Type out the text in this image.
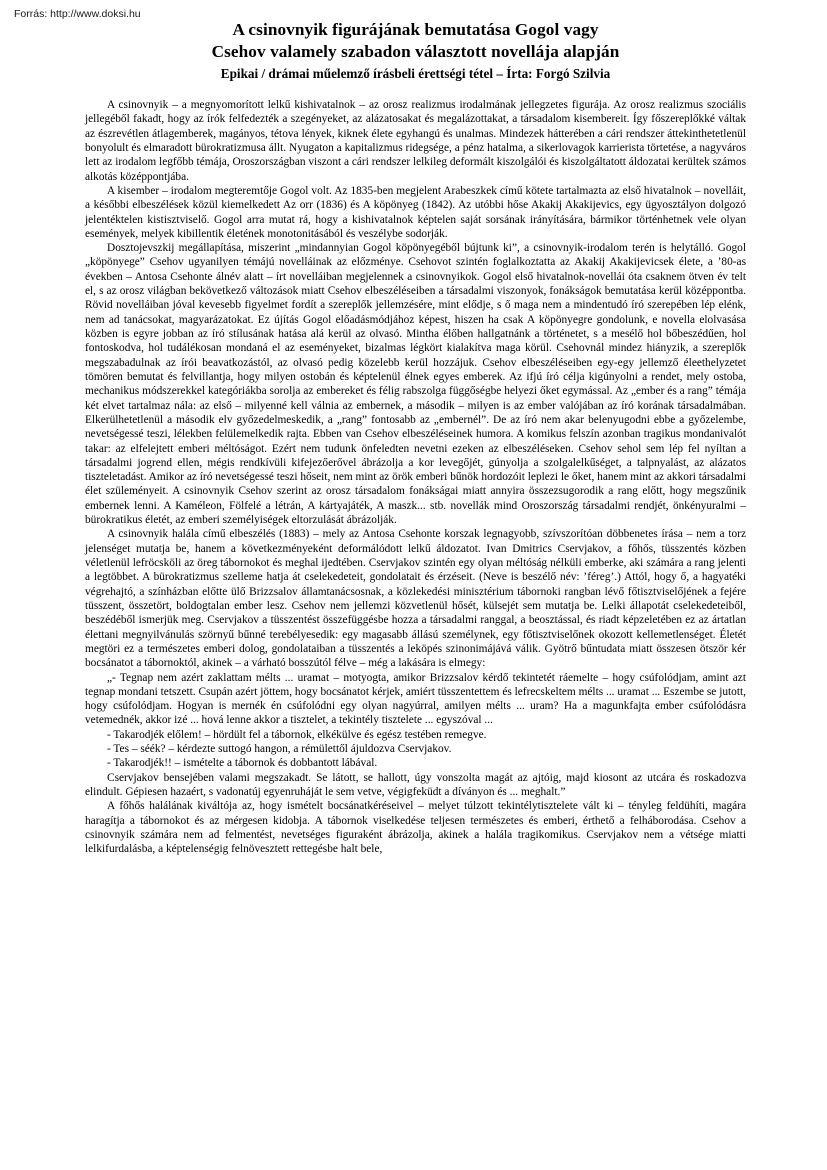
Forrás: http://www.doksi.hu
A csinovnyik figurájának bemutatása Gogol vagy
Csehov valamely szabadon választott novellája alapján
Epikai / drámai műelemző írásbeli érettségi tétel – Írta: Forgó Szilvia

A csinovnyik – a megnyomorított lelkű kishivatalnok – az orosz realizmus irodalmának jellegzetes figurája. Az orosz realizmus szociális jellegéből fakadt, hogy az írók felfedezték a szegényeket, az alázatosakat és megalázottakat, a társadalom kisembereit. Így főszereplőkké váltak az észrevétlen átlagemberek, magányos, tétova lények, kiknek élete egyhangú és unalmas. Mindezek hátterében a cári rendszer áttekinthetetlenül bonyolult és elmaradott bürokratizmusa állt. Nyugaton a kapitalizmus ridegsége, a pénz hatalma, a sikerlovagok karrierista törtetése, a nagyváros lett az irodalom legfőbb témája, Oroszországban viszont a cári rendszer lelkileg deformált kiszolgálói és kiszolgáltatott áldozatai kerültek számos alkotás középpontjába.

A kisember – irodalom megteremtője Gogol volt. Az 1835-ben megjelent Arabeszkek című kötete tartalmazta az első hivatalnok – novelláit, a későbbi elbeszélések közül kiemelkedett Az orr (1836) és A köpönyeg (1842). Az utóbbi hőse Akakij Akakijevics, egy ügyosztályon dolgozó jelentéktelen kistisztviselő. Gogol arra mutat rá, hogy a kishivatalnok képtelen saját sorsának irányítására, bármikor történhetnek vele olyan események, melyek kibillentik életének monotonitásából és veszélybe sodorják.

Dosztojevszkij megállapítása, miszerint „mindannyian Gogol köpönyegéből bújtunk ki”, a csinovnyik-irodalom terén is helytálló. Gogol „köpönyege” Csehov ugyanilyen témájú novelláinak az előzménye. Csehovot szintén foglalkoztatta az Akakij Akakijevicsek élete, a ’80-as években – Antosa Csehonte álnév alatt – írt novelláiban megjelennek a csinovnyikok. Gogol első hivatalnok-novellái óta csaknem ötven év telt el, s az orosz világban bekövetkező változások miatt Csehov elbeszéléseiben a társadalmi viszonyok, fonákságok bemutatása kerül középpontba. Rövid novelláiban jóval kevesebb figyelmet fordít a szereplők jellemzésére, mint elődje, s ő maga nem a mindentudó író szerepében lép elénk, nem ad tanácsokat, magyarázatokat. Ez újítás Gogol előadásmódjához képest, hiszen ha csak A köpönyegre gondolunk, e novella elolvasása közben is egyre jobban az író stílusának hatása alá kerül az olvasó. Mintha élőben hallgatnánk a történetet, s a mesélő hol bőbeszédűen, hol fontoskodva, hol tudálékosan mondaná el az eseményeket, bizalmas légkört kialakítva maga körül. Csehovnál mindez hiányzik, a szereplők megszabadulnak az írói beavatkozástól, az olvasó pedig közelebb kerül hozzájuk. Csehov elbeszéléseiben egy-egy jellemző éleethelyzetet tömören bemutat és felvillantja, hogy milyen ostobán és képtelenül élnek egyes emberek. Az ifjú író célja kigúnyolni a rendet, mely ostoba, mechanikus módszerekkel kategóriákba sorolja az embereket és félig rabszolga függőségbe helyezi őket egymással. Az „ember és a rang” témája két elvet tartalmaz nála: az első – milyenné kell válnia az embernek, a második – milyen is az ember valójában az író korának társadalmában. Elkerülhetetlenül a második elv győzedelmeskedik, a „rang” fontosabb az „embernél”. De az író nem akar belenyugodni ebbe a győzelembe, nevetségessé teszi, lélekben felülemelkedik rajta. Ebben van Csehov elbeszéléseinek humora. A komikus felszín azonban tragikus mondanivalót takar: az elfelejtett emberi méltóságot. Ezért nem tudunk önfeledten nevetni ezeken az elbeszéléseken. Csehov sehol sem lép fel nyíltan a társadalmi jogrend ellen, mégis rendkívüli kifejezőerővel ábrázolja a kor levegőjét, gúnyolja a szolgalelkűséget, a talpnyalást, az alázatos tiszteletadást. Amikor az író nevetségessé teszi hőseit, nem mint az örök emberi bűnök hordozóit leplezi le őket, hanem mint az akkori társadalmi élet szüleményeit. A csinovnyik Csehov szerint az orosz társadalom fonákságai miatt annyira összezsugorodik a rang előtt, hogy megszűnik embernek lenni. A Kaméleon, Fölfelé a létrán, A kártyajáték, A maszk... stb. novellák mind Oroszország társadalmi rendjét, önkényuralmi – bürokratikus életét, az emberi személyiségek eltorzulását ábrázolják.

A csinovnyik halála című elbeszélés (1883) – mely az Antosa Csehonte korszak legnagyobb, szívszorítóan döbbenetes írása – nem a torz jelenséget mutatja be, hanem a következményeként deformálódott lelkű áldozatot. Ivan Dmitrics Cservjakov, a főhős, tüsszentés közben véletlenül lefröcsköli az öreg tábornokot és meghal ijedtében. Cservjakov szintén egy olyan méltóság nélküli emberke, aki számára a rang jelenti a legtöbbet. A bürokratizmus szelleme hatja át cselekedeteit, gondolatait és érzéseit. (Neve is beszélő név: ’féreg’.) Attól, hogy ő, a hagyatéki végrehajtó, a színházban előtte ülő Brizzsalov államtanácsosnak, a közlekedési minisztérium tábornoki rangban lévő főtisztviselőjének a fejére tüsszent, összetört, boldogtalan ember lesz. Csehov nem jellemzi közvetlenül hősét, külsejét sem mutatja be. Lelki állapotát cselekedeteiből, beszédéből ismerjük meg. Cservjakov a tüsszentést összefüggésbe hozza a társadalmi ranggal, a beosztással, és riadt képzeletében ez az ártatlan élettani megnyilvánulás szörnyű bűnné terebélyesedik: egy magasabb állású személynek, egy főtisztviselőnek okozott kellemetlenséget. Életét megtöri ez a természetes emberi dolog, gondolataiban a tüsszentés a leköpés szinonimájává válik. Gyötrő bűntudata miatt összesen ötször kér bocsánatot a tábornoktól, akinek – a várható bosszútól félve – még a lakására is elmegy:

„- Tegnap nem azért zaklattam mélts ... uramat – motyogta, amikor Brizzsalov kérdő tekintetét ráemelte – hogy csúfolódjam, amint azt tegnap mondani tetszett. Csupán azért jöttem, hogy bocsánatot kérjek, amiért tüsszentettem és lefrecskeltem mélts ... uramat ... Eszembe se jutott, hogy csúfolódjam. Hogyan is mernék én csúfolódni egy olyan nagyúrral, amilyen mélts ... uram? Ha a magunkfajta ember csúfolódásra vetemednék, akkor izé ... hová lenne akkor a tisztelet, a tekintély tisztelete ... egyszóval ...

- Takarodjék előlem! – hördült fel a tábornok, elkékülve és egész testében remegve.

- Tes – séék? – kérdezte suttogó hangon, a rémülettől ájuldozva Cservjakov.

- Takarodjék!! – ismételte a tábornok és dobbantott lábával.

Cservjakov bensejében valami megszakadt. Se látott, se hallott, úgy vonszolta magát az ajtóig, majd kiosont az utcára és roskadozva elindult. Gépiesen hazaért, s vadonatúj egyenruháját le sem vetve, végigfeküdt a díványon és ... meghalt.”

A főhős halálának kiváltója az, hogy ismételt bocsánatkéréseivel – melyet túlzott tekintélytisztelete vált ki – tényleg feldühíti, magára haragítja a tábornokot és az mérgesen kidobja. A tábornok viselkedése teljesen természetes és emberi, érthető a felháborodása. Csehov a csinovnyik számára nem ad felmentést, nevetséges figuraként ábrázolja, akinek a halála tragikomikus. Cservjakov nem a vétsége miatti lelkifurdalásba, a képtelenségig felnövesztett rettegésbe halt bele,
